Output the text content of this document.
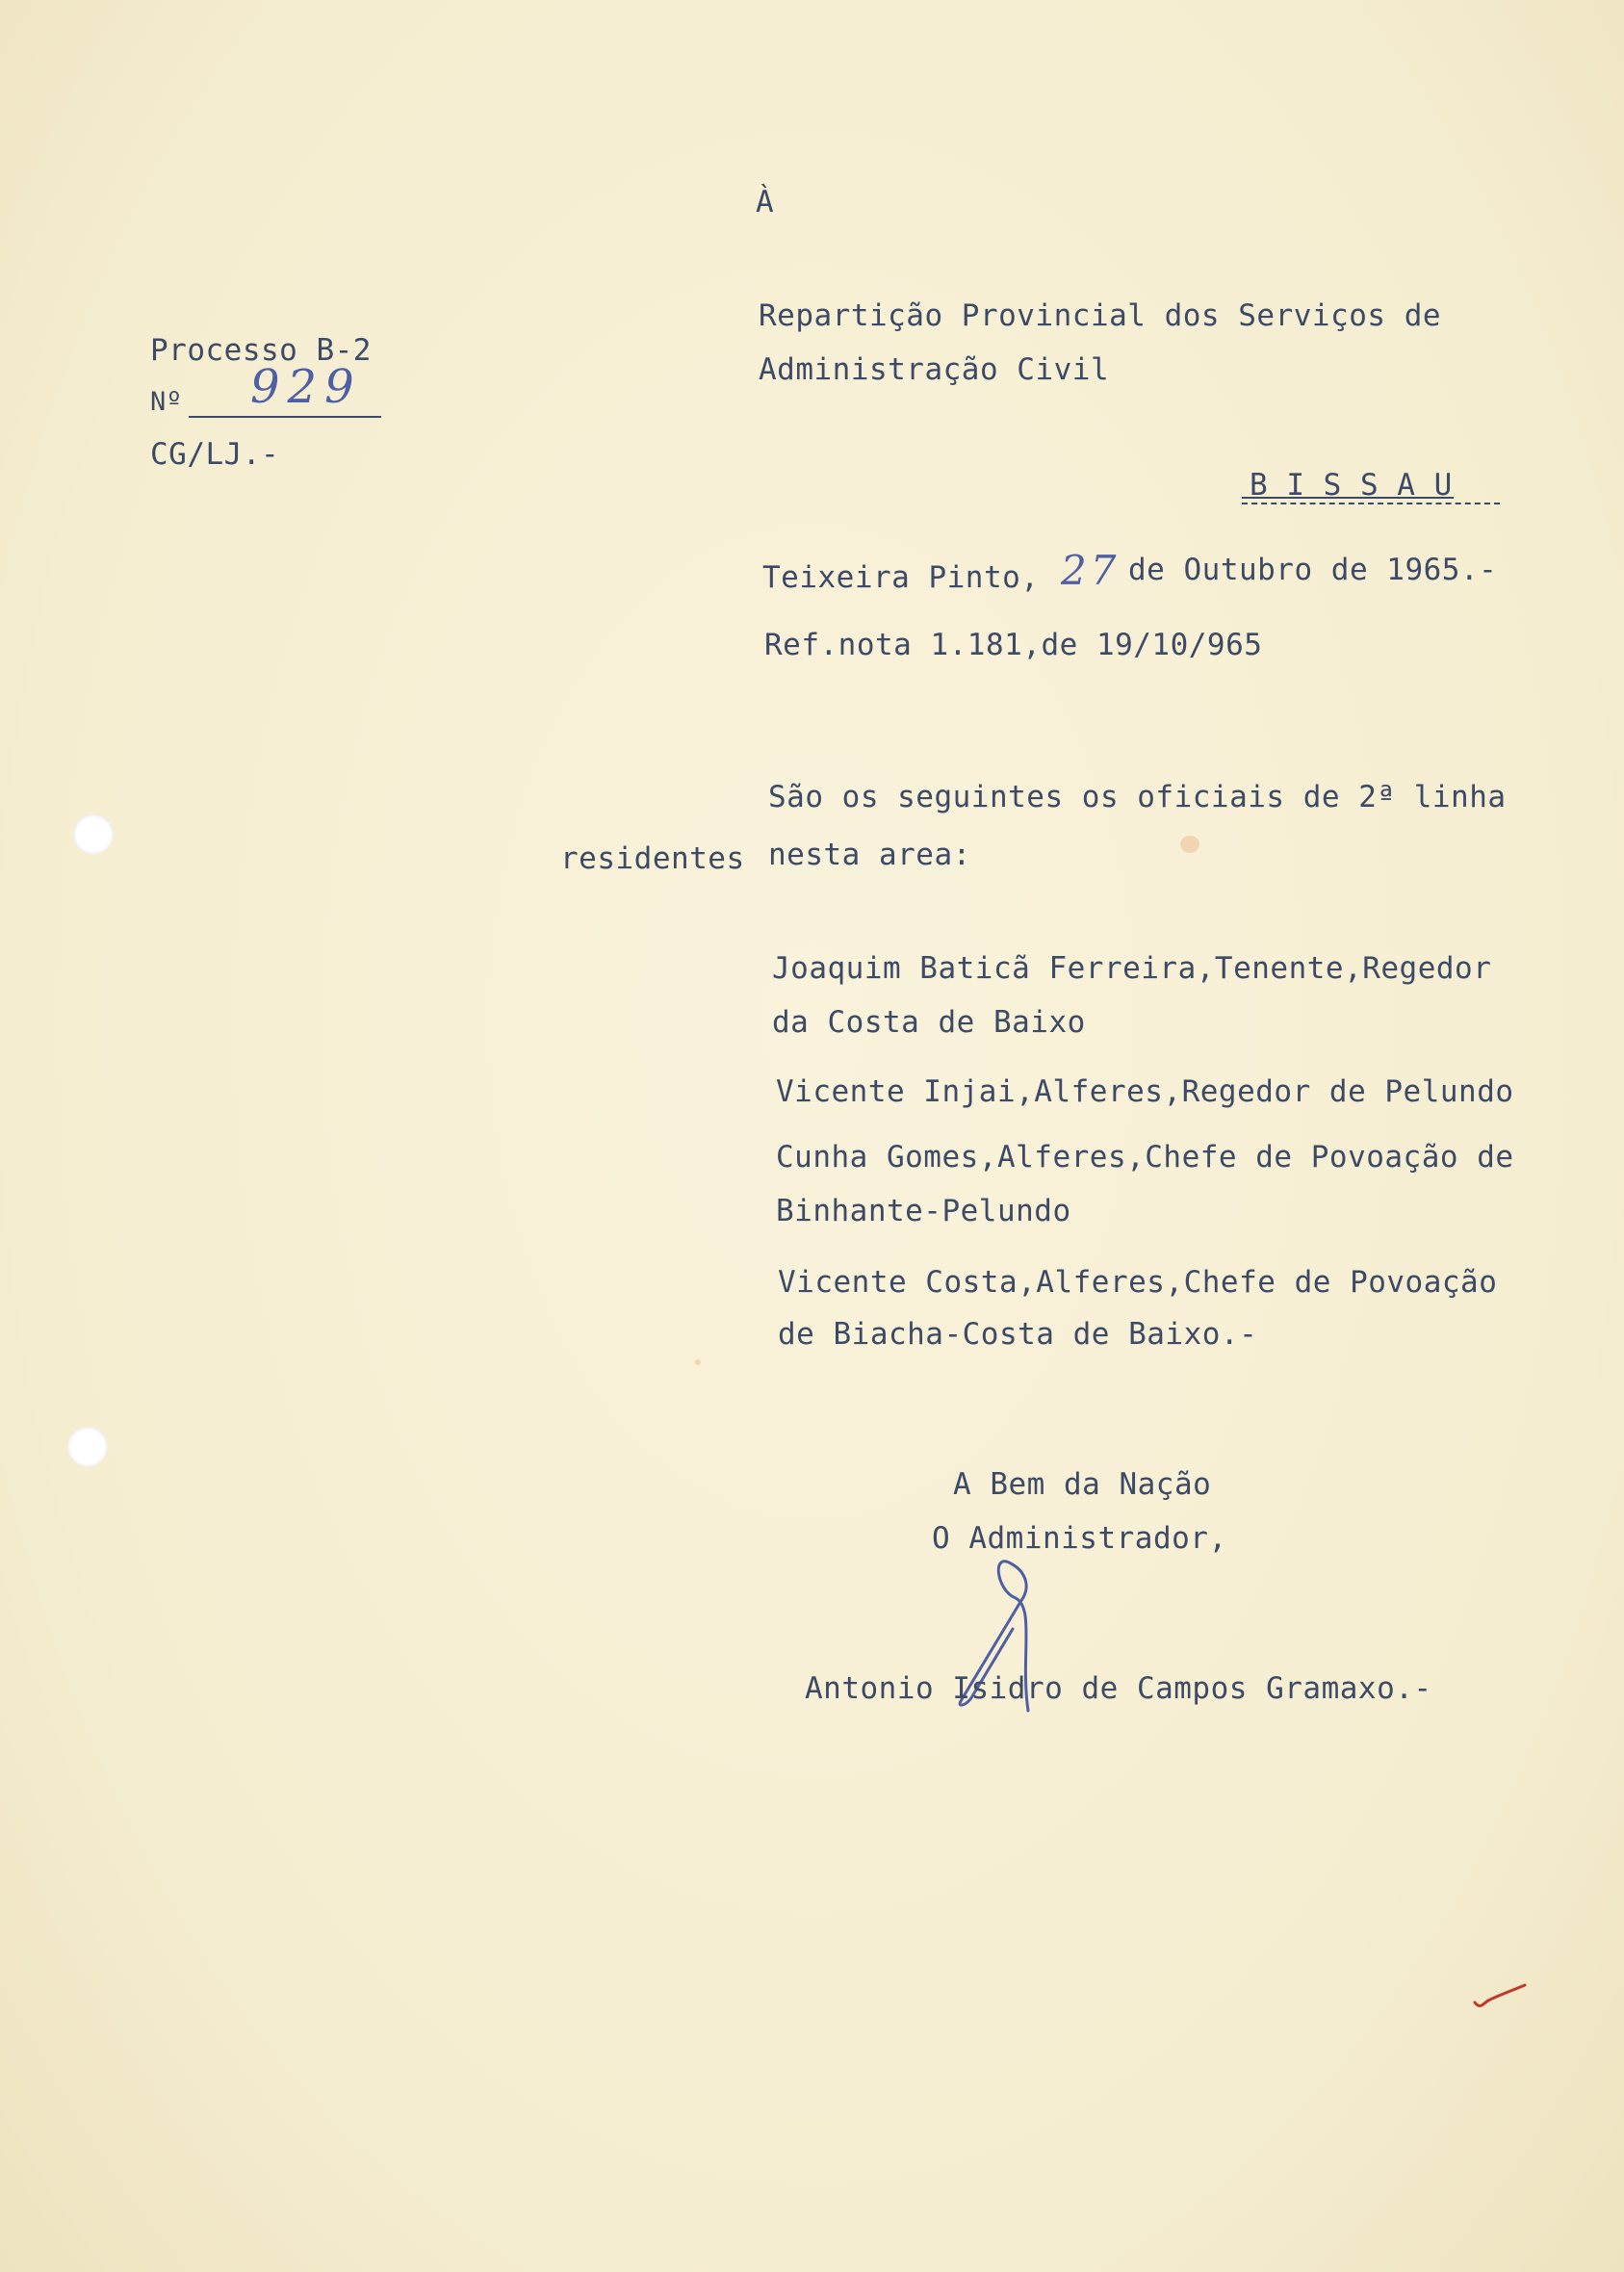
À
Processo B-2
Nº 929
CG/LJ.-
Repartição Provincial dos Serviços de
Administração Civil
B I S S A U
Teixeira Pinto, 27 de Outubro de 1965.-
Ref.nota 1.181,de 19/10/965
São os seguintes os oficiais de 2ª linha
residentes nesta area:
Joaquim Baticã Ferreira,Tenente,Regedor
da Costa de Baixo
Vicente Injai,Alferes,Regedor de Pelundo
Cunha Gomes,Alferes,Chefe de Povoação de
Binhante-Pelundo
Vicente Costa,Alferes,Chefe de Povoação
de Biacha-Costa de Baixo.-
A Bem da Nação
O Administrador,
Antonio Isidro de Campos Gramaxo.-
